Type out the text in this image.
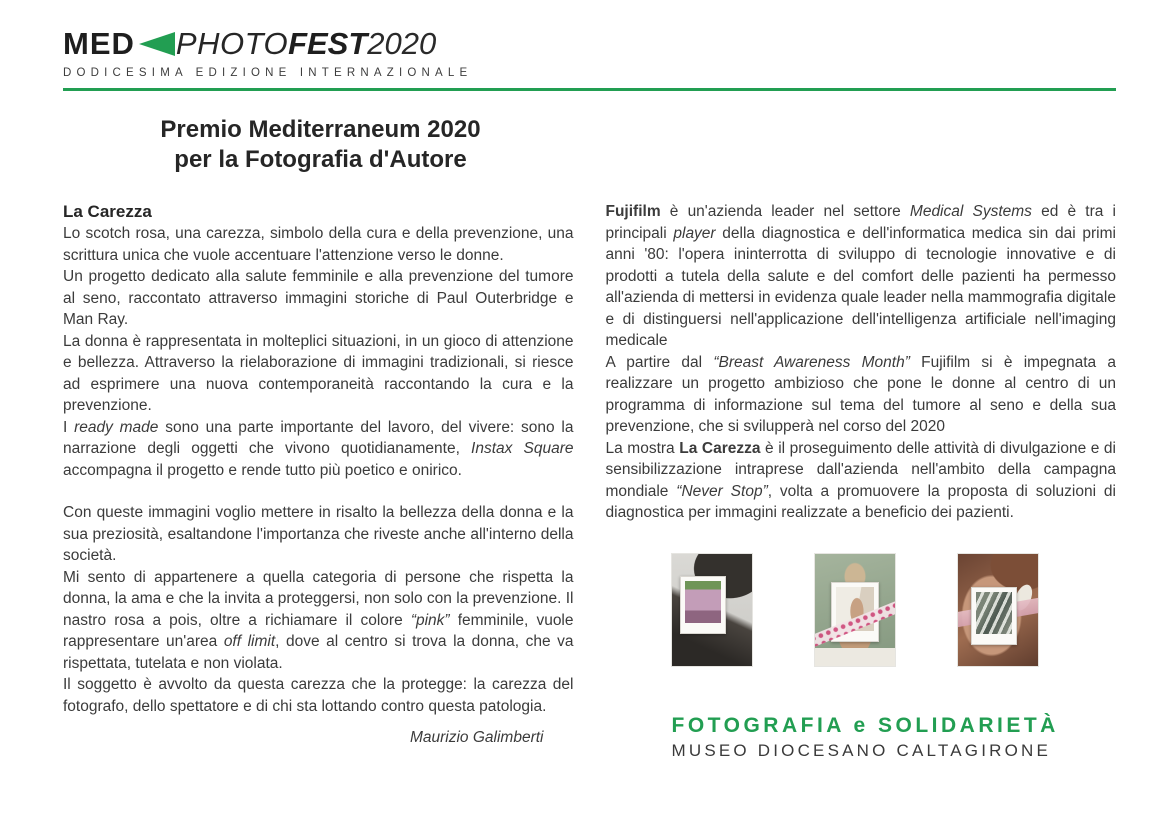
MED PHOTO FEST 2020
DODICESIMA EDIZIONE INTERNAZIONALE
Premio Mediterraneum 2020
per la Fotografia d'Autore
La Carezza

Lo scotch rosa, una carezza, simbolo della cura e della prevenzione, una scrittura unica che vuole accentuare l'attenzione verso le donne.

Un progetto dedicato alla salute femminile e alla prevenzione del tumore al seno, raccontato attraverso immagini storiche di Paul Outerbridge e Man Ray.

La donna è rappresentata in molteplici situazioni, in un gioco di attenzione e bellezza. Attraverso la rielaborazione di immagini tradizionali, si riesce ad esprimere una nuova contemporaneità raccontando la cura e la prevenzione.

I ready made sono una parte importante del lavoro, del vivere: sono la narrazione degli oggetti che vivono quotidianamente, Instax Square accompagna il progetto e rende tutto più poetico e onirico.

Con queste immagini voglio mettere in risalto la bellezza della donna e la sua preziosità, esaltandone l'importanza che riveste anche all'interno della società.

Mi sento di appartenere a quella categoria di persone che rispetta la donna, la ama e che la invita a proteggersi, non solo con la prevenzione. Il nastro rosa a pois, oltre a richiamare il colore “pink” femminile, vuole rappresentare un'area off limit, dove al centro si trova la donna, che va rispettata, tutelata e non violata.

Il soggetto è avvolto da questa carezza che la protegge: la carezza del fotografo, dello spettatore e di chi sta lottando contro questa patologia.

Maurizio Galimberti

Fujifilm è un'azienda leader nel settore Medical Systems ed è tra i principali player della diagnostica e dell'informatica medica sin dai primi anni '80: l'opera ininterrotta di sviluppo di tecnologie innovative e di prodotti a tutela della salute e del comfort delle pazienti ha permesso all'azienda di mettersi in evidenza quale leader nella mammografia digitale e di distinguersi nell'applicazione dell'intelligenza artificiale nell'imaging medicale

A partire dal “Breast Awareness Month” Fujifilm si è impegnata a realizzare un progetto ambizioso che pone le donne al centro di un programma di informazione sul tema del tumore al seno e della sua prevenzione, che si svilupperà nel corso del 2020

La mostra La Carezza è il proseguimento delle attività di divulgazione e di sensibilizzazione intraprese dall'azienda nell'ambito della campagna mondiale “Never Stop”, volta a promuovere la proposta di soluzioni di diagnostica per immagini realizzate a beneficio dei pazienti.

FOTOGRAFIA e SOLIDARIETÀ
MUSEO DIOCESANO CALTAGIRONE
